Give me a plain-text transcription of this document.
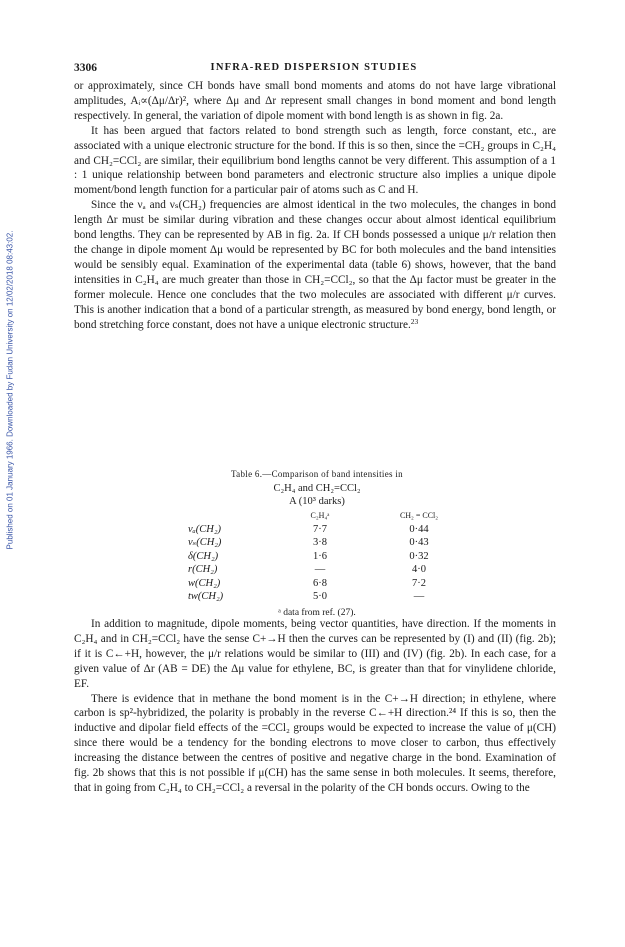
Published on 01 January 1966. Downloaded by Fudan University on 12/02/2018 08:43:02.
3306	INFRA-RED DISPERSION STUDIES

or approximately, since CH bonds have small bond moments and atoms do not have large vibrational amplitudes, Aᵢ∝(Δμ/Δr)², where Δμ and Δr represent small changes in bond moment and bond length respectively. In general, the variation of dipole moment with bond length is as shown in fig. 2a.

It has been argued that factors related to bond strength such as length, force constant, etc., are associated with a unique electronic structure for the bond. If this is so then, since the =CH₂ groups in C₂H₄ and CH₂=CCl₂ are similar, their equilibrium bond lengths cannot be very different. This assumption of a 1 : 1 unique relationship between bond parameters and electronic structure also implies a unique dipole moment/bond length function for a particular pair of atoms such as C and H.

Since the νₐ and νₛ(CH₂) frequencies are almost identical in the two molecules, the changes in bond length Δr must be similar during vibration and these changes occur about almost identical equilibrium bond lengths. They can be represented by AB in fig. 2a. If CH bonds possessed a unique μ/r relation then the change in dipole moment Δμ would be represented by BC for both molecules and the band intensities would be sensibly equal. Examination of the experimental data (table 6) shows, however, that the band intensities in C₂H₄ are much greater than those in CH₂=CCl₂, so that the Δμ factor must be greater in the former molecule. Hence one concludes that the two molecules are associated with different μ/r curves. This is another indication that a bond of a particular strength, as measured by bond energy, bond length, or bond stretching force constant, does not have a unique electronic structure.$^{23}$

Table 6.—Comparison of band intensities in
C₂H₄ and CH₂=CCl₂
A (10³ darks)
C₂H₄ᵃ	CH₂ = CCl₂
νₐ(CH₂)	7·7	0·44
νₛ(CH₂)	3·8	0·43
δ(CH₂)	1·6	0·32
r(CH₂)	—	4·0
w(CH₂)	6·8	7·2
tw(CH₂)	5·0	—
ᵃ data from ref. (27).

In addition to magnitude, dipole moments, being vector quantities, have direction. If the moments in C₂H₄ and in CH₂=CCl₂ have the sense C+→H then the curves can be represented by (I) and (II) (fig. 2b); if it is C←+H, however, the μ/r relations would be similar to (III) and (IV) (fig. 2b). In each case, for a given value of Δr (AB = DE) the Δμ value for ethylene, BC, is greater than that for vinylidene chloride, EF.

There is evidence that in methane the bond moment is in the C+→H direction; in ethylene, where carbon is sp²-hybridized, the polarity is probably in the reverse C←+H direction.²⁴ If this is so, then the inductive and dipolar field effects of the =CCl₂ groups would be expected to increase the value of μ(CH) since there would be a tendency for the bonding electrons to move closer to carbon, thus effectively increasing the distance between the centres of positive and negative charge in the bond. Examination of fig. 2b shows that this is not possible if μ(CH) has the same sense in both molecules. It seems, therefore, that in going from C₂H₄ to CH₂=CCl₂ a reversal in the polarity of the CH bonds occurs. Owing to the
